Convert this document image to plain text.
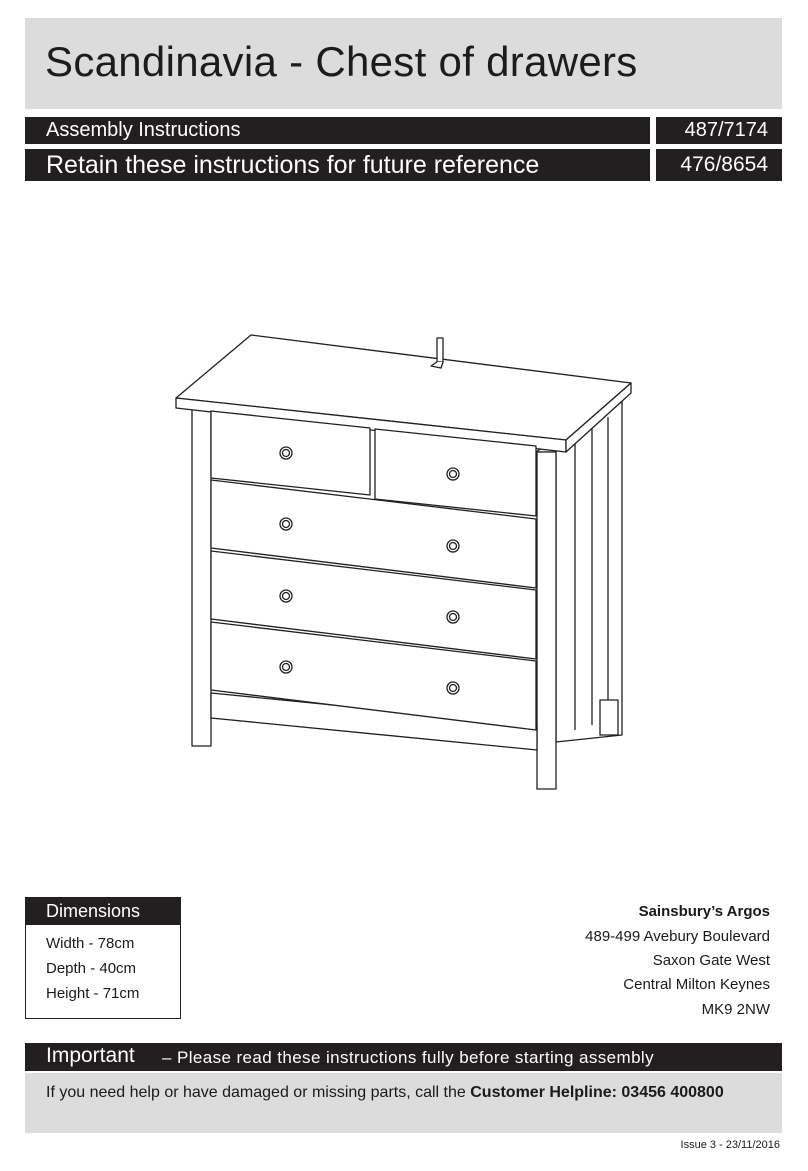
Scandinavia - Chest of drawers
Assembly Instructions	487/7174
Retain these instructions for future reference	476/8654
Dimensions
Width - 78cm
Depth - 40cm
Height - 71cm
Sainsbury’s Argos
489-499 Avebury Boulevard
Saxon Gate West
Central Milton Keynes
MK9 2NW
Important – Please read these instructions fully before starting assembly
If you need help or have damaged or missing parts, call the Customer Helpline: 03456 400800
Issue 3 - 23/11/2016
